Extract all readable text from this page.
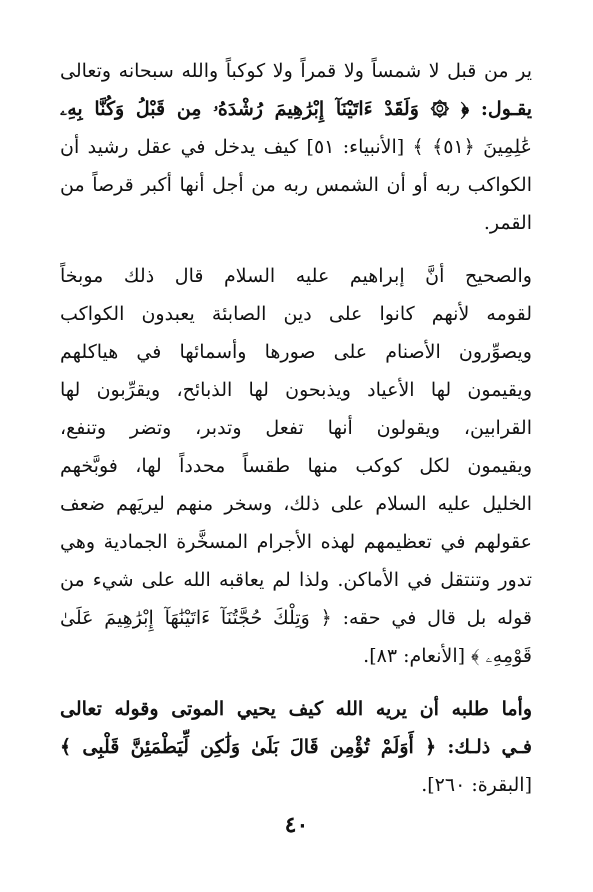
ير من قبل لا شمساً ولا قمراً ولا كوكباً والله سبحانه وتعالى
يقـول: ﴿ ۞ وَلَقَدْ ءَاتَيْنَآ إِبْرَٰهِيمَ رُشْدَهُۥ مِن قَبْلُ وَكُنَّا بِهِۦ
عَٰلِمِينَ ﴿٥١﴾ ﴾ [الأنبياء: ٥١] كيف يدخل في عقل رشيد أن
الكواكب ربه أو أن الشمس ربه من أجل أنها أكبر قرصاً من
القمر.
والصحيح أنَّ إبراهيم عليه السلام قال ذلك موبخاً
لقومه لأنهم كانوا على دين الصابئة يعبدون الكواكب
ويصوِّرون الأصنام على صورها وأسمائها في هياكلهم
ويقيمون لها الأعياد ويذبحون لها الذبائح، ويقرِّبون لها
القرابين، ويقولون أنها تفعل وتدبر، وتضر وتنفع،
ويقيمون لكل كوكب منها طقساً محدداً لها، فوبَّخهم
الخليل عليه السلام على ذلك، وسخر منهم ليريَهم ضعف
عقولهم في تعظيمهم لهذه الأجرام المسخَّرة الجمادية وهي
تدور وتنتقل في الأماكن. ولذا لم يعاقبه الله على شيء من
قوله بل قال في حقه: ﴿ وَتِلْكَ حُجَّتُنَآ ءَاتَيْنَٰهَآ إِبْرَٰهِيمَ عَلَىٰ
قَوْمِهِۦ ﴾ [الأنعام: ٨٣].
وأما طلبه أن يريه الله كيف يحيي الموتى وقوله تعالى
فـي ذلـك: ﴿ أَوَلَمْ تُؤْمِن قَالَ بَلَىٰ وَلَٰكِن لِّيَطْمَئِنَّ قَلْبِى ﴾
[البقرة: ٢٦٠].
٤٠
